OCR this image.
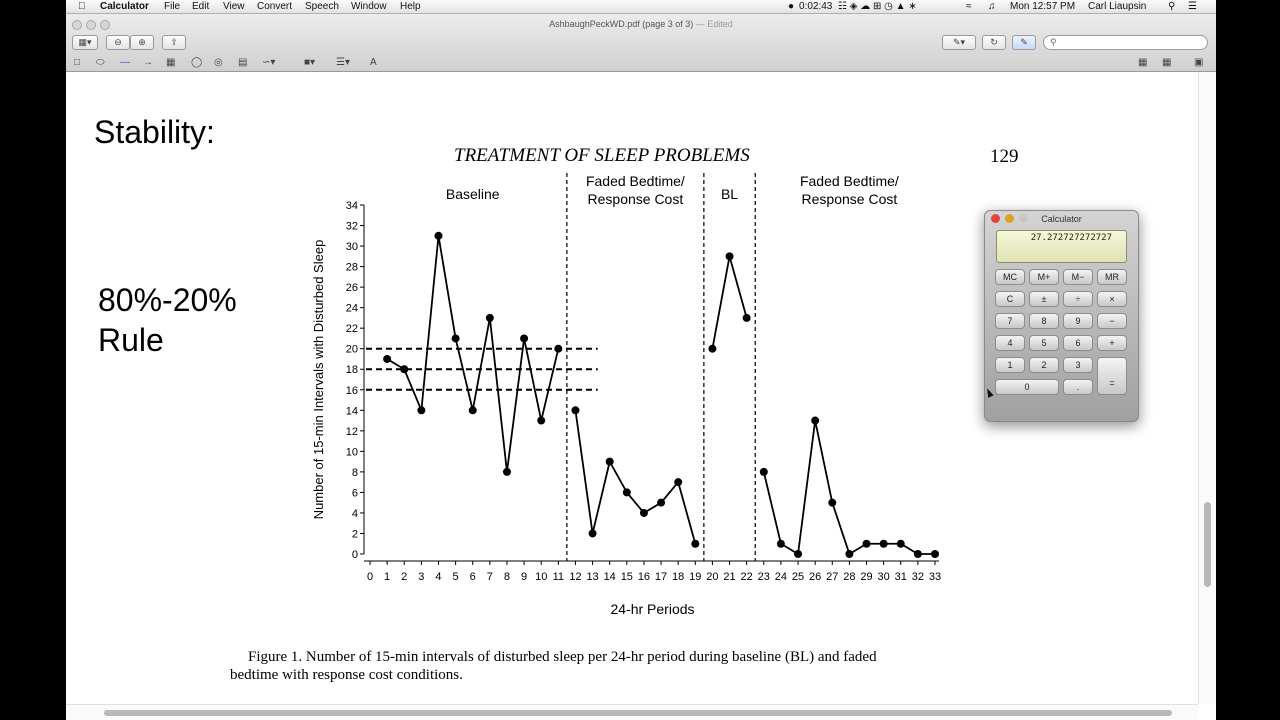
Calculator File Edit View Convert Speech Window Help	● 0:02:43 ☷ ◈ ☁ ⊞ ◷ ▲ ∗	≈ ♫ Mon 12:57 PM Carl Liaupsin ⚲ ☰
AshbaughPeckWD.pdf (page 3 of 3) — Edited
▦▾	⊖	⊕	⇧	✎▾	↻	✎	⚲
□ ⬭ — → ▦ ◯ ◎ ▤ ∽▾	■▾ ☰▾ A	▦ ▦ ▣
Stability:
80%-20%
Rule
TREATMENT OF SLEEP PROBLEMS	129
0
2
4
6
8
10
12
14
16
18
20
22
24
26
28
30
32
34
0 1 2 3 4 5 6 7 8 9 10 11 12 13 14 15 16 17 18 19 20 21 22 23 24 25 26 27 28 29 30 31 32 33
24-hr Periods
Number of 15-min Intervals with Disturbed Sleep
Baseline
Faded Bedtime/
Response Cost	BL
Faded Bedtime/
Response Cost
Figure 1. Number of 15-min intervals of disturbed sleep per 24-hr period during baseline (BL) and faded
bedtime with response cost conditions.
Calculator
27.272727272727
MC	M+	M−	MR
C	±	÷	×
7	8	9	−
4	5	6	+
1	2	3
0	.	=
